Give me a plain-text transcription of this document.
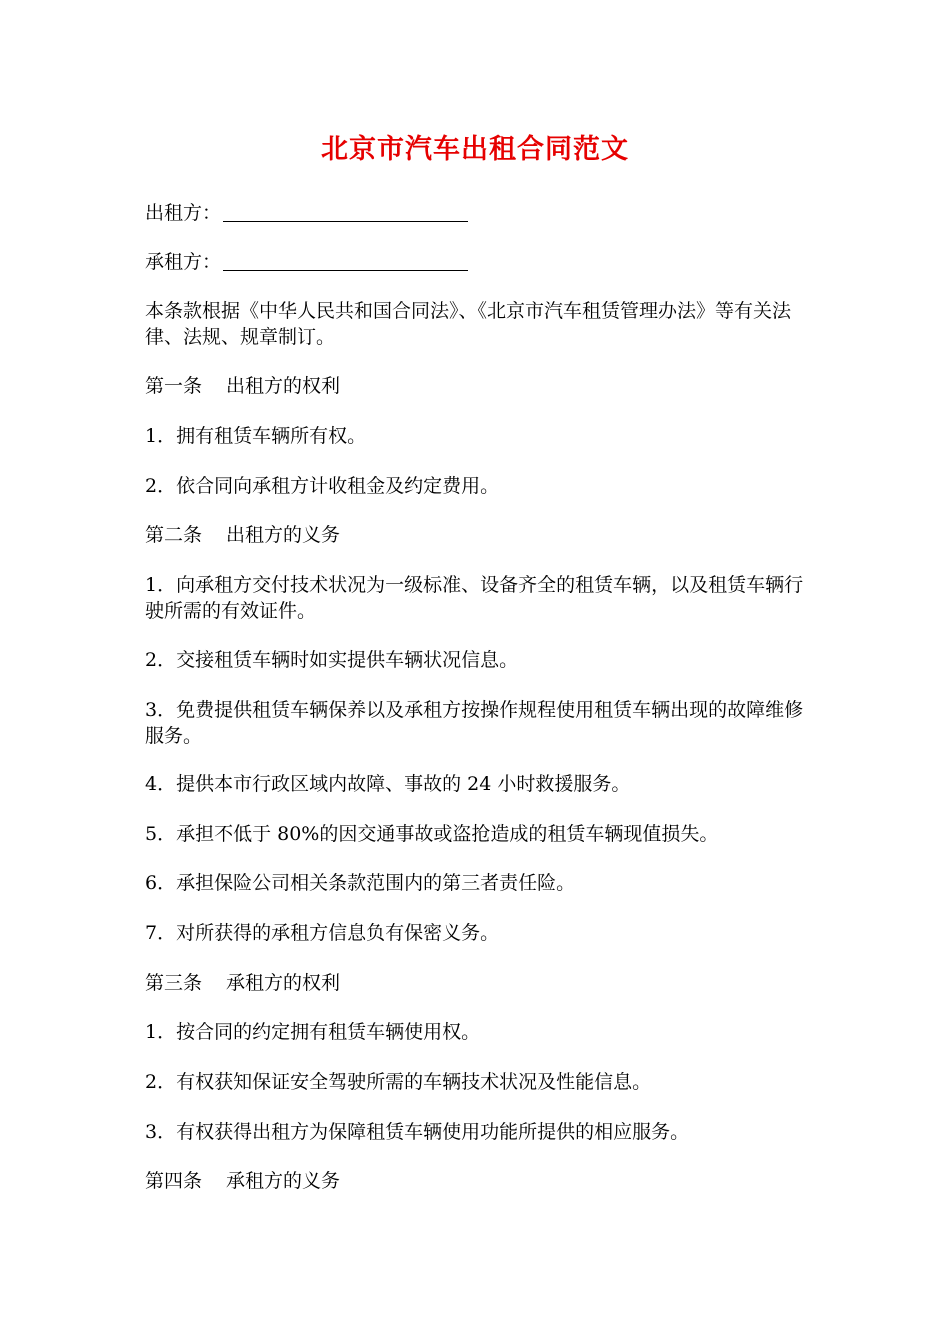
北京市汽车出租合同范文

出租方：

承租方：

本条款根据《中华人民共和国合同法》、《北京市汽车租赁管理办法》等有关法律、法规、规章制订。

第一条 出租方的权利

1．拥有租赁车辆所有权。

2．依合同向承租方计收租金及约定费用。

第二条 出租方的义务

1．向承租方交付技术状况为一级标准、设备齐全的租赁车辆，以及租赁车辆行驶所需的有效证件。

2．交接租赁车辆时如实提供车辆状况信息。

3．免费提供租赁车辆保养以及承租方按操作规程使用租赁车辆出现的故障维修服务。

4．提供本市行政区域内故障、事故的 24 小时救援服务。

5．承担不低于 80%的因交通事故或盗抢造成的租赁车辆现值损失。

6．承担保险公司相关条款范围内的第三者责任险。

7．对所获得的承租方信息负有保密义务。

第三条 承租方的权利

1．按合同的约定拥有租赁车辆使用权。

2．有权获知保证安全驾驶所需的车辆技术状况及性能信息。

3．有权获得出租方为保障租赁车辆使用功能所提供的相应服务。

第四条 承租方的义务
